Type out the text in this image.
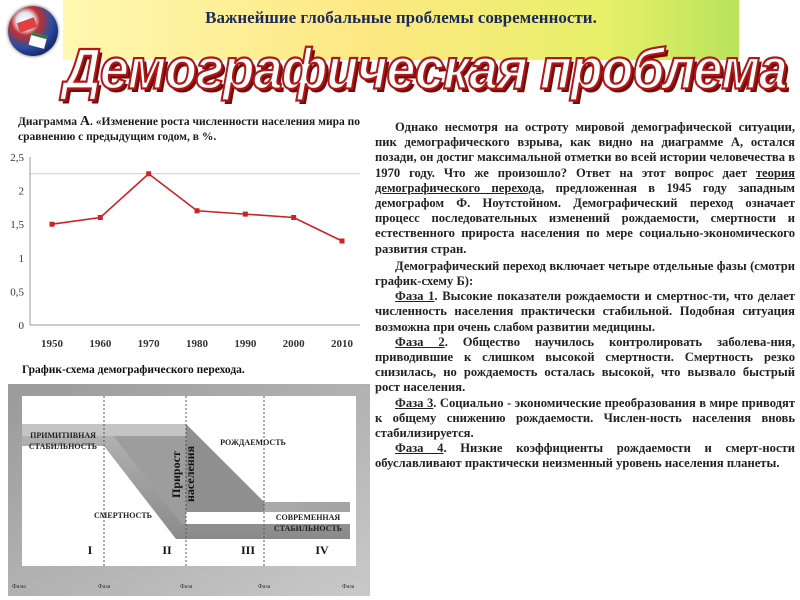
Важнейшие глобальные проблемы современности.
Демографическая проблема
Диаграмма А. «Изменение роста численности населения мира по сравнению с предыдущим годом, в %.
0
0,5
1
1,5
2
2,5
1950 1960 1970 1980 1990 2000 2010
График-схема демографического перехода.
ПРИМИТИВНАЯ
СТАБИЛЬНОСТЬ	РОЖДАЕМОСТЬ
СМЕРТНОСТЬ
Прирост населения
СОВРЕМЕННАЯ
СТАБИЛЬНОСТЬ
I	II	III	IV
Фазы	Фаза	Фаза	Фаза	Фаза

Однако несмотря на остроту мировой демографической ситуации, пик демографического взрыва, как видно на диаграмме А, остался позади, он достиг максимальной отметки во всей истории человечества в 1970 году. Что же произошло? Ответ на этот вопрос дает теория демографического перехода, предложенная в 1945 году западным демографом Ф. Ноутстойном. Демографический переход означает процесс последовательных изменений рождаемости, смертности и естественного прироста населения по мере социально-экономического развития стран.

Демографический переход включает четыре отдельные фазы (смотри график-схему Б):

Фаза 1. Высокие показатели рождаемости и смертнос-ти, что делает численность населения практически стабильной. Подобная ситуация возможна при очень слабом развитии медицины.

Фаза 2. Общество научилось контролировать заболева-ния, приводившие к слишком высокой смертности. Смертность резко снизилась, но рождаемость осталась высокой, что вызвало быстрый рост населения.

Фаза 3. Социально - экономические преобразования в мире приводят к общему снижению рождаемости. Числен-ность населения вновь стабилизируется.

Фаза 4. Низкие коэффициенты рождаемости и смерт-ности обуславливают практически неизменный уровень населения планеты.
